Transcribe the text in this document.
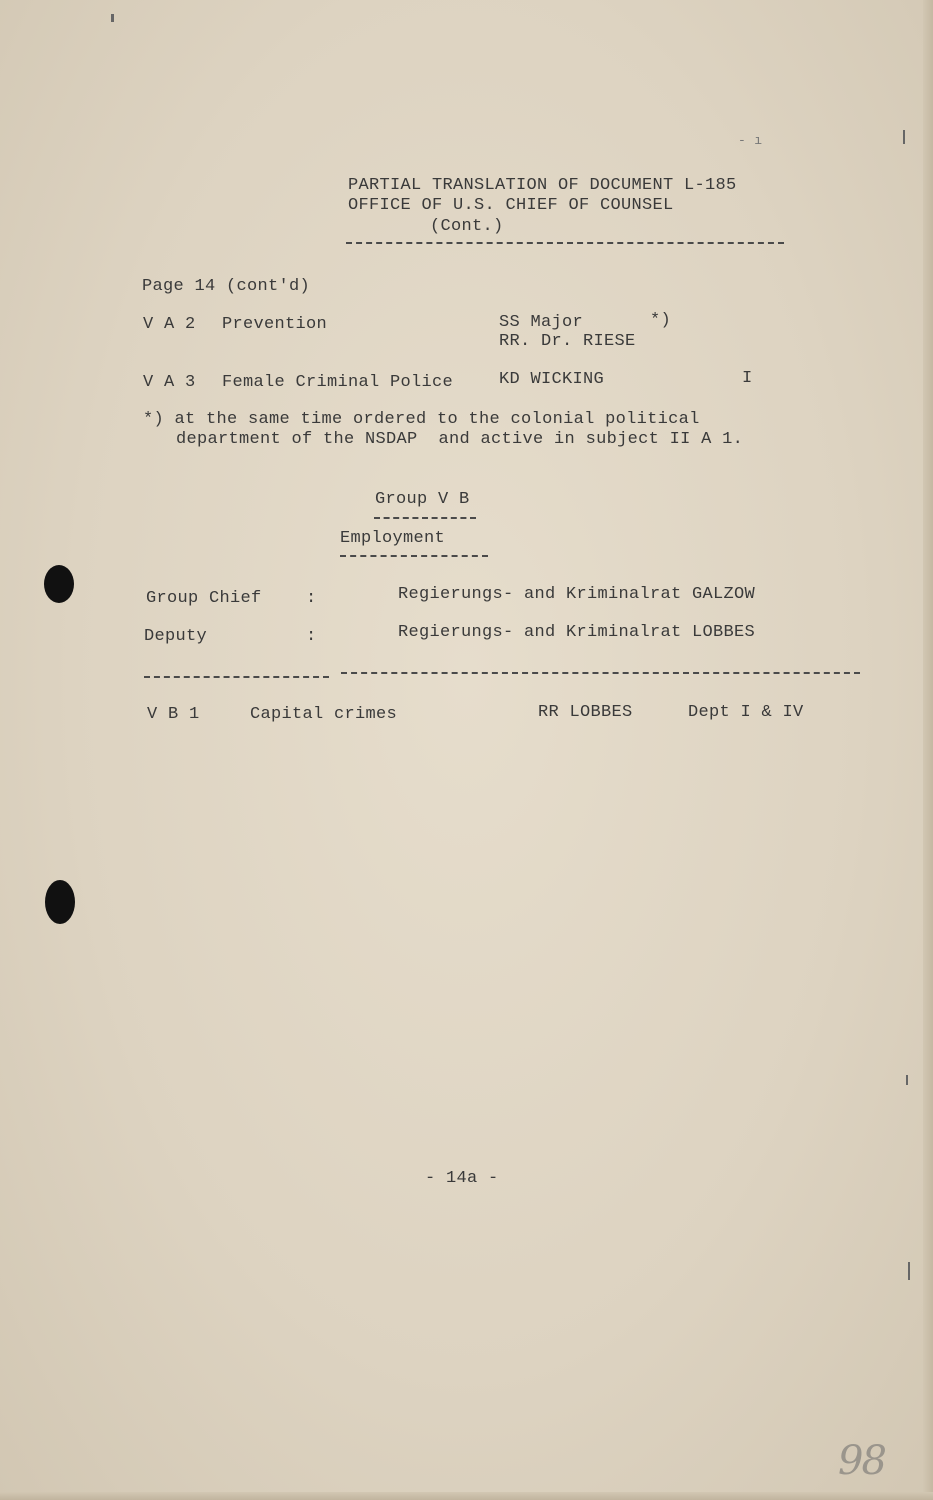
- ı
PARTIAL TRANSLATION OF DOCUMENT L-185
OFFICE OF U.S. CHIEF OF COUNSEL
(Cont.)
Page 14 (cont'd)
V A 2 Prevention	SS Major	*)
RR. Dr. RIESE
V A 3 Female Criminal Police	KD WICKING	I
*) at the same time ordered to the colonial political
department of the NSDAP  and active in subject II A 1.
Group V B
Employment
Group Chief	:	Regierungs- and Kriminalrat GALZOW
Deputy	:	Regierungs- and Kriminalrat LOBBES
V B 1	Capital crimes	RR LOBBES	Dept I & IV
- 14a -
98
